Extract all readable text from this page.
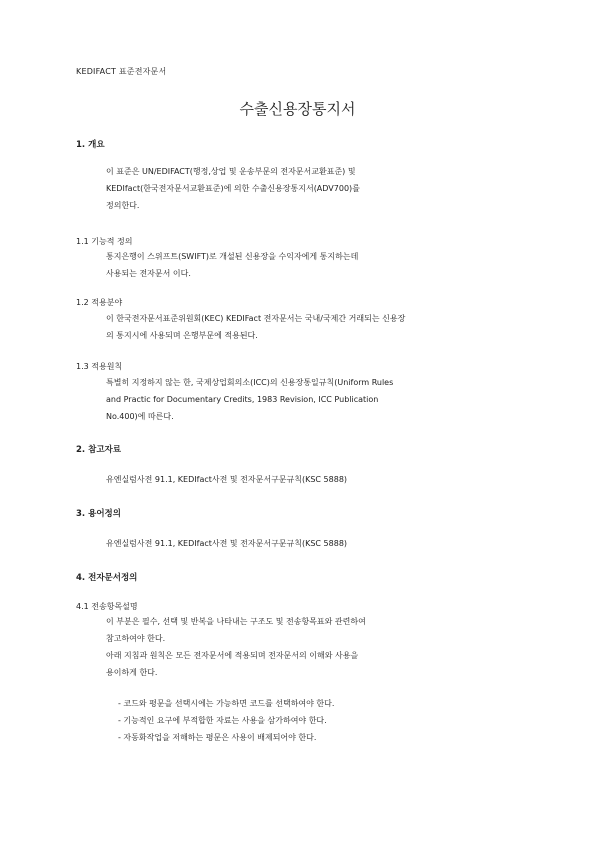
KEDIFACT 표준전자문서
수출신용장통지서
1. 개요
이 표준은 UN/EDIFACT(행정,상업 및 운송부문의 전자문서교환표준) 및
KEDIfact(한국전자문서교환표준)에 의한 수출신용장통지서(ADV700)를
정의한다.
1.1 기능적 정의
통지은행이 스위프트(SWIFT)로 개설된 신용장을 수익자에게 통지하는데
사용되는 전자문서 이다.
1.2 적용분야
이 한국전자문서표준위원회(KEC) KEDIFact 전자문서는 국내/국제간 거래되는 신용장
의 통지시에 사용되며 은행부문에 적용된다.
1.3 적용원칙
특별히 지정하지 않는 한, 국제상업회의소(ICC)의 신용장통일규칙(Uniform Rules
and Practic for Documentary Credits, 1983 Revision, ICC Publication
No.400)에 따른다.
2. 참고자료
유엔실럼사전 91.1, KEDIfact사전 및 전자문서구문규칙(KSC 5888)
3. 용어정의
유엔실럼사전 91.1, KEDIfact사전 및 전자문서구문규칙(KSC 5888)
4. 전자문서정의
4.1 전송항목설명
이 부분은 필수, 선택 및 반복을 나타내는 구조도 및 전송항목표와 관련하여
참고하여야 한다.
아래 지침과 원칙은 모든 전자문서에 적용되며 전자문서의 이해와 사용을
용이하게 한다.
- 코드와 평문을 선택시에는 가능하면 코드를 선택하여야 한다.
- 기능적인 요구에 부적합한 자료는 사용을 삼가하여야 한다.
- 자동화작업을 저해하는 평문은 사용이 배제되어야 한다.
